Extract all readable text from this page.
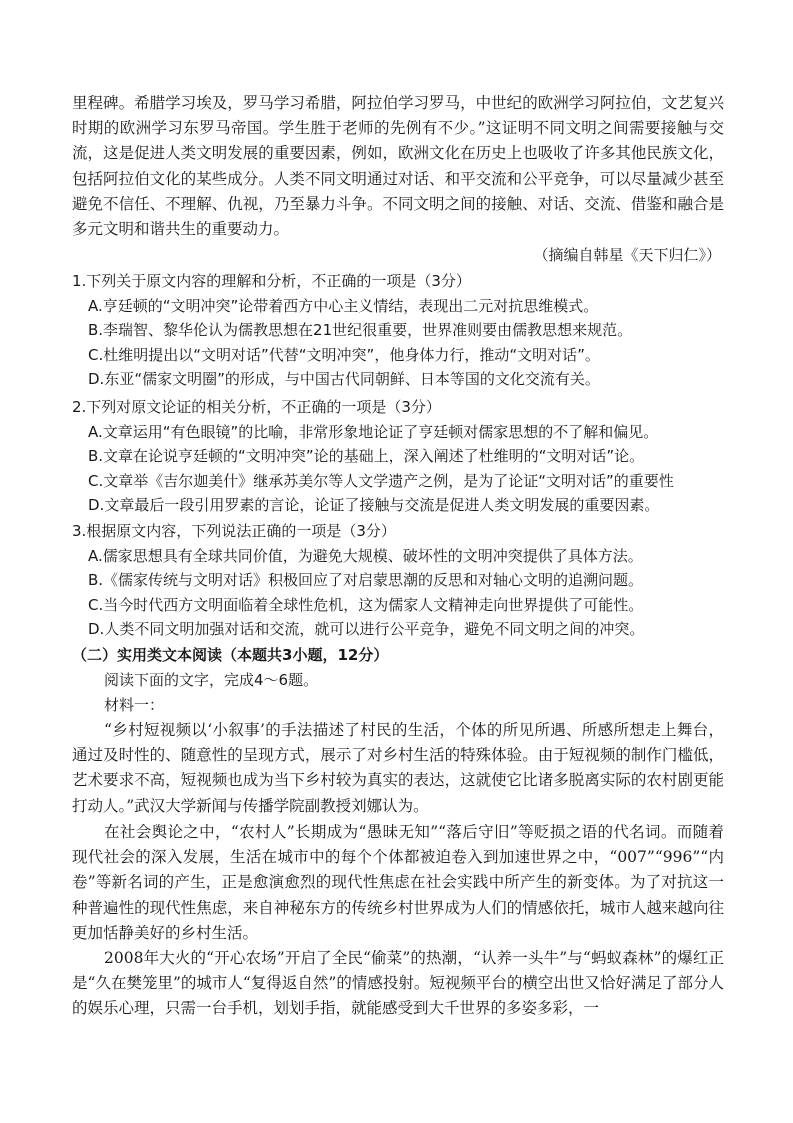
里程碑。希腊学习埃及，罗马学习希腊，阿拉伯学习罗马，中世纪的欧洲学习阿拉伯，文艺复兴时期的欧洲学习东罗马帝国。学生胜于老师的先例有不少。”这证明不同文明之间需要接触与交流，这是促进人类文明发展的重要因素，例如，欧洲文化在历史上也吸收了许多其他民族文化，包括阿拉伯文化的某些成分。人类不同文明通过对话、和平交流和公平竞争，可以尽量减少甚至避免不信任、不理解、仇视，乃至暴力斗争。不同文明之间的接触、对话、交流、借鉴和融合是多元文明和谐共生的重要动力。

（摘编自韩星《天下归仁》）

1.下列关于原文内容的理解和分析，不正确的一项是（3分）

A.亨廷顿的“文明冲突”论带着西方中心主义情结，表现出二元对抗思维模式。

B.李瑞智、黎华伦认为儒教思想在21世纪很重要，世界准则要由儒教思想来规范。

C.杜维明提出以“文明对话”代替“文明冲突”，他身体力行，推动“文明对话”。

D.东亚“儒家文明圈”的形成，与中国古代同朝鲜、日本等国的文化交流有关。

2.下列对原文论证的相关分析，不正确的一项是（3分）

A.文章运用“有色眼镜”的比喻，非常形象地论证了亨廷顿对儒家思想的不了解和偏见。

B.文章在论说亨廷顿的“文明冲突”论的基础上，深入阐述了杜维明的“文明对话”论。

C.文章举《吉尔迦美什》继承苏美尔等人文学遗产之例，是为了论证“文明对话”的重要性

D.文章最后一段引用罗素的言论，论证了接触与交流是促进人类文明发展的重要因素。

3.根据原文内容，下列说法正确的一项是（3分）

A.儒家思想具有全球共同价值，为避免大规模、破坏性的文明冲突提供了具体方法。

B.《儒家传统与文明对话》积极回应了对启蒙思潮的反思和对轴心文明的追溯问题。

C.当今时代西方文明面临着全球性危机，这为儒家人文精神走向世界提供了可能性。

D.人类不同文明加强对话和交流，就可以进行公平竞争，避免不同文明之间的冲突。

（二）实用类文本阅读（本题共3小题，12分）

阅读下面的文字，完成4～6题。

材料一：

“乡村短视频以‘小叙事’的手法描述了村民的生活，个体的所见所遇、所感所想走上舞台，通过及时性的、随意性的呈现方式，展示了对乡村生活的特殊体验。由于短视频的制作门槛低，艺术要求不高，短视频也成为当下乡村较为真实的表达，这就使它比诸多脱离实际的农村剧更能打动人。”武汉大学新闻与传播学院副教授刘娜认为。

在社会舆论之中，“农村人”长期成为“愚昧无知”“落后守旧”等贬损之语的代名词。而随着现代社会的深入发展，生活在城市中的每个个体都被迫卷入到加速世界之中，“007”“996”“内卷”等新名词的产生，正是愈演愈烈的现代性焦虑在社会实践中所产生的新变体。为了对抗这一种普遍性的现代性焦虑，来自神秘东方的传统乡村世界成为人们的情感依托，城市人越来越向往更加恬静美好的乡村生活。

2008年大火的“开心农场”开启了全民“偷菜”的热潮，“认养一头牛”与“蚂蚁森林”的爆红正是“久在樊笼里”的城市人“复得返自然”的情感投射。短视频平台的横空出世又恰好满足了部分人的娱乐心理，只需一台手机，划划手指，就能感受到大千世界的多姿多彩，一
